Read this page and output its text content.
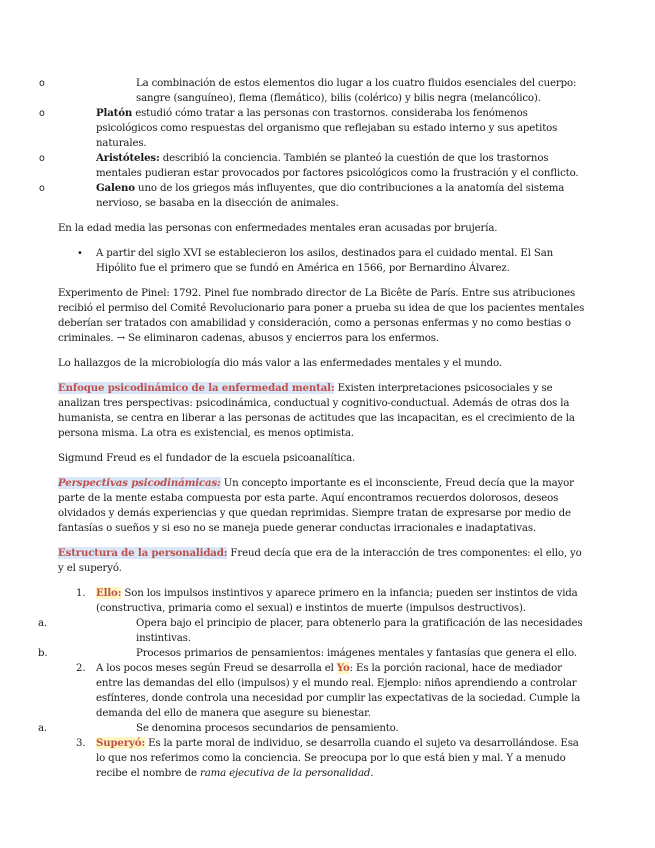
o	La combinación de estos elementos dio lugar a los cuatro fluidos esenciales del cuerpo: sangre (sanguíneo), flema (flemático), bilis (colérico) y bilis negra (melancólico).
o	Platón estudió cómo tratar a las personas con trastornos. consideraba los fenómenos psicológicos como respuestas del organismo que reflejaban su estado interno y sus apetitos naturales.
o	Aristóteles: describió la conciencia. También se planteó la cuestión de que los trastornos mentales pudieran estar provocados por factores psicológicos como la frustración y el conflicto.
o	Galeno uno de los griegos más influyentes, que dio contribuciones a la anatomía del sistema nervioso, se basaba en la disección de animales.

En la edad media las personas con enfermedades mentales eran acusadas por brujería.

• A partir del siglo XVI se establecieron los asilos, destinados para el cuidado mental. El San Hipólito fue el primero que se fundó en América en 1566, por Bernardino Álvarez.

Experimento de Pinel: 1792. Pinel fue nombrado director de La Bicête de París. Entre sus atribuciones recibió el permiso del Comité Revolucionario para poner a prueba su idea de que los pacientes mentales deberían ser tratados con amabilidad y consideración, como a personas enfermas y no como bestias o criminales. → Se eliminaron cadenas, abusos y encierros para los enfermos.

Lo hallazgos de la microbiología dio más valor a las enfermedades mentales y el mundo.

Enfoque psicodinámico de la enfermedad mental: Existen interpretaciones psicosociales y se analizan tres perspectivas: psicodinámica, conductual y cognitivo-conductual. Además de otras dos la humanista, se centra en liberar a las personas de actitudes que las incapacitan, es el crecimiento de la persona misma. La otra es existencial, es menos optimista.

Sigmund Freud es el fundador de la escuela psicoanalítica.

Perspectivas psicodinámicas: Un concepto importante es el inconsciente, Freud decía que la mayor parte de la mente estaba compuesta por esta parte. Aquí encontramos recuerdos dolorosos, deseos olvidados y demás experiencias y que quedan reprimidas. Siempre tratan de expresarse por medio de fantasías o sueños y si eso no se maneja puede generar conductas irracionales e inadaptativas.

Estructura de la personalidad: Freud decía que era de la interacción de tres componentes: el ello, yo y el superyó.

1. Ello: Son los impulsos instintivos y aparece primero en la infancia; pueden ser instintos de vida (constructiva, primaria como el sexual) e instintos de muerte (impulsos destructivos).
a.	Opera bajo el principio de placer, para obtenerlo para la gratificación de las necesidades instintivas.
b.	Procesos primarios de pensamientos: imágenes mentales y fantasías que genera el ello.
2. A los pocos meses según Freud se desarrolla el Yo: Es la porción racional, hace de mediador entre las demandas del ello (impulsos) y el mundo real. Ejemplo: niños aprendiendo a controlar esfínteres, donde controla una necesidad por cumplir las expectativas de la sociedad. Cumple la demanda del ello de manera que asegure su bienestar.
a.	Se denomina procesos secundarios de pensamiento.
3. Superyó: Es la parte moral de individuo, se desarrolla cuando el sujeto va desarrollándose. Esa lo que nos referimos como la conciencia. Se preocupa por lo que está bien y mal. Y a menudo recibe el nombre de rama ejecutiva de la personalidad.
